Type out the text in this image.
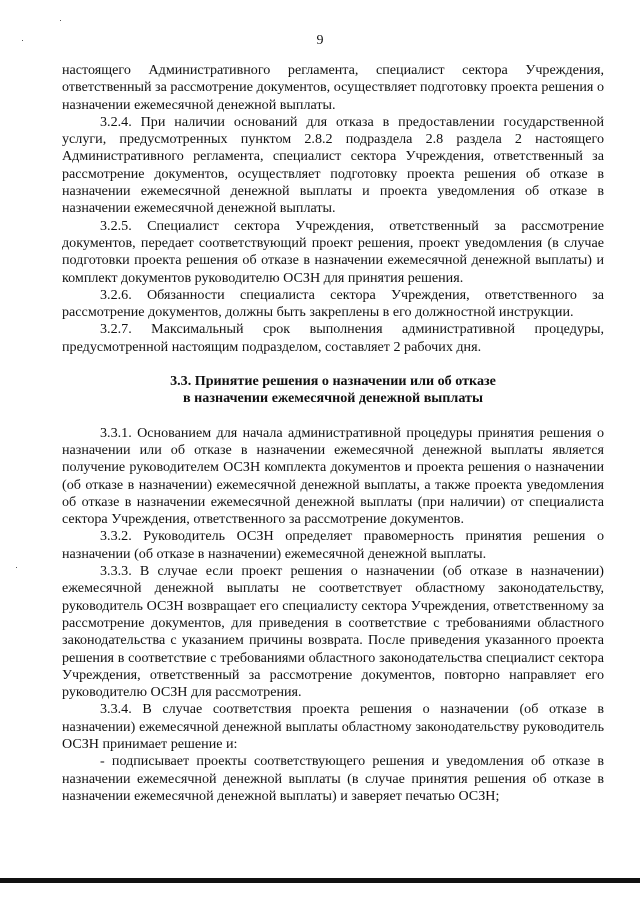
9

настоящего Административного регламента, специалист сектора Учреждения, ответственный за рассмотрение документов, осуществляет подготовку проекта решения о назначении ежемесячной денежной выплаты.

3.2.4. При наличии оснований для отказа в предоставлении государственной услуги, предусмотренных пунктом 2.8.2 подраздела 2.8 раздела 2 настоящего Административного регламента, специалист сектора Учреждения, ответственный за рассмотрение документов, осуществляет подготовку проекта решения об отказе в назначении ежемесячной денежной выплаты и проекта уведомления об отказе в назначении ежемесячной денежной выплаты.

3.2.5. Специалист сектора Учреждения, ответственный за рассмотрение документов, передает соответствующий проект решения, проект уведомления (в случае подготовки проекта решения об отказе в назначении ежемесячной денежной выплаты) и комплект документов руководителю ОСЗН для принятия решения.

3.2.6. Обязанности специалиста сектора Учреждения, ответственного за рассмотрение документов, должны быть закреплены в его должностной инструкции.

3.2.7. Максимальный срок выполнения административной процедуры, предусмотренной настоящим подразделом, составляет 2 рабочих дня.

3.3. Принятие решения о назначении или об отказе
в назначении ежемесячной денежной выплаты

3.3.1. Основанием для начала административной процедуры принятия решения о назначении или об отказе в назначении ежемесячной денежной выплаты является получение руководителем ОСЗН комплекта документов и проекта решения о назначении (об отказе в назначении) ежемесячной денежной выплаты, а также проекта уведомления об отказе в назначении ежемесячной денежной выплаты (при наличии) от специалиста сектора Учреждения, ответственного за рассмотрение документов.

3.3.2. Руководитель ОСЗН определяет правомерность принятия решения о назначении (об отказе в назначении) ежемесячной денежной выплаты.

3.3.3. В случае если проект решения о назначении (об отказе в назначении) ежемесячной денежной выплаты не соответствует областному законодательству, руководитель ОСЗН возвращает его специалисту сектора Учреждения, ответственному за рассмотрение документов, для приведения в соответствие с требованиями областного законодательства с указанием причины возврата. После приведения указанного проекта решения в соответствие с требованиями областного законодательства специалист сектора Учреждения, ответственный за рассмотрение документов, повторно направляет его руководителю ОСЗН для рассмотрения.

3.3.4. В случае соответствия проекта решения о назначении (об отказе в назначении) ежемесячной денежной выплаты областному законодательству руководитель ОСЗН принимает решение и:

- подписывает проекты соответствующего решения и уведомления об отказе в назначении ежемесячной денежной выплаты (в случае принятия решения об отказе в назначении ежемесячной денежной выплаты) и заверяет печатью ОСЗН;
